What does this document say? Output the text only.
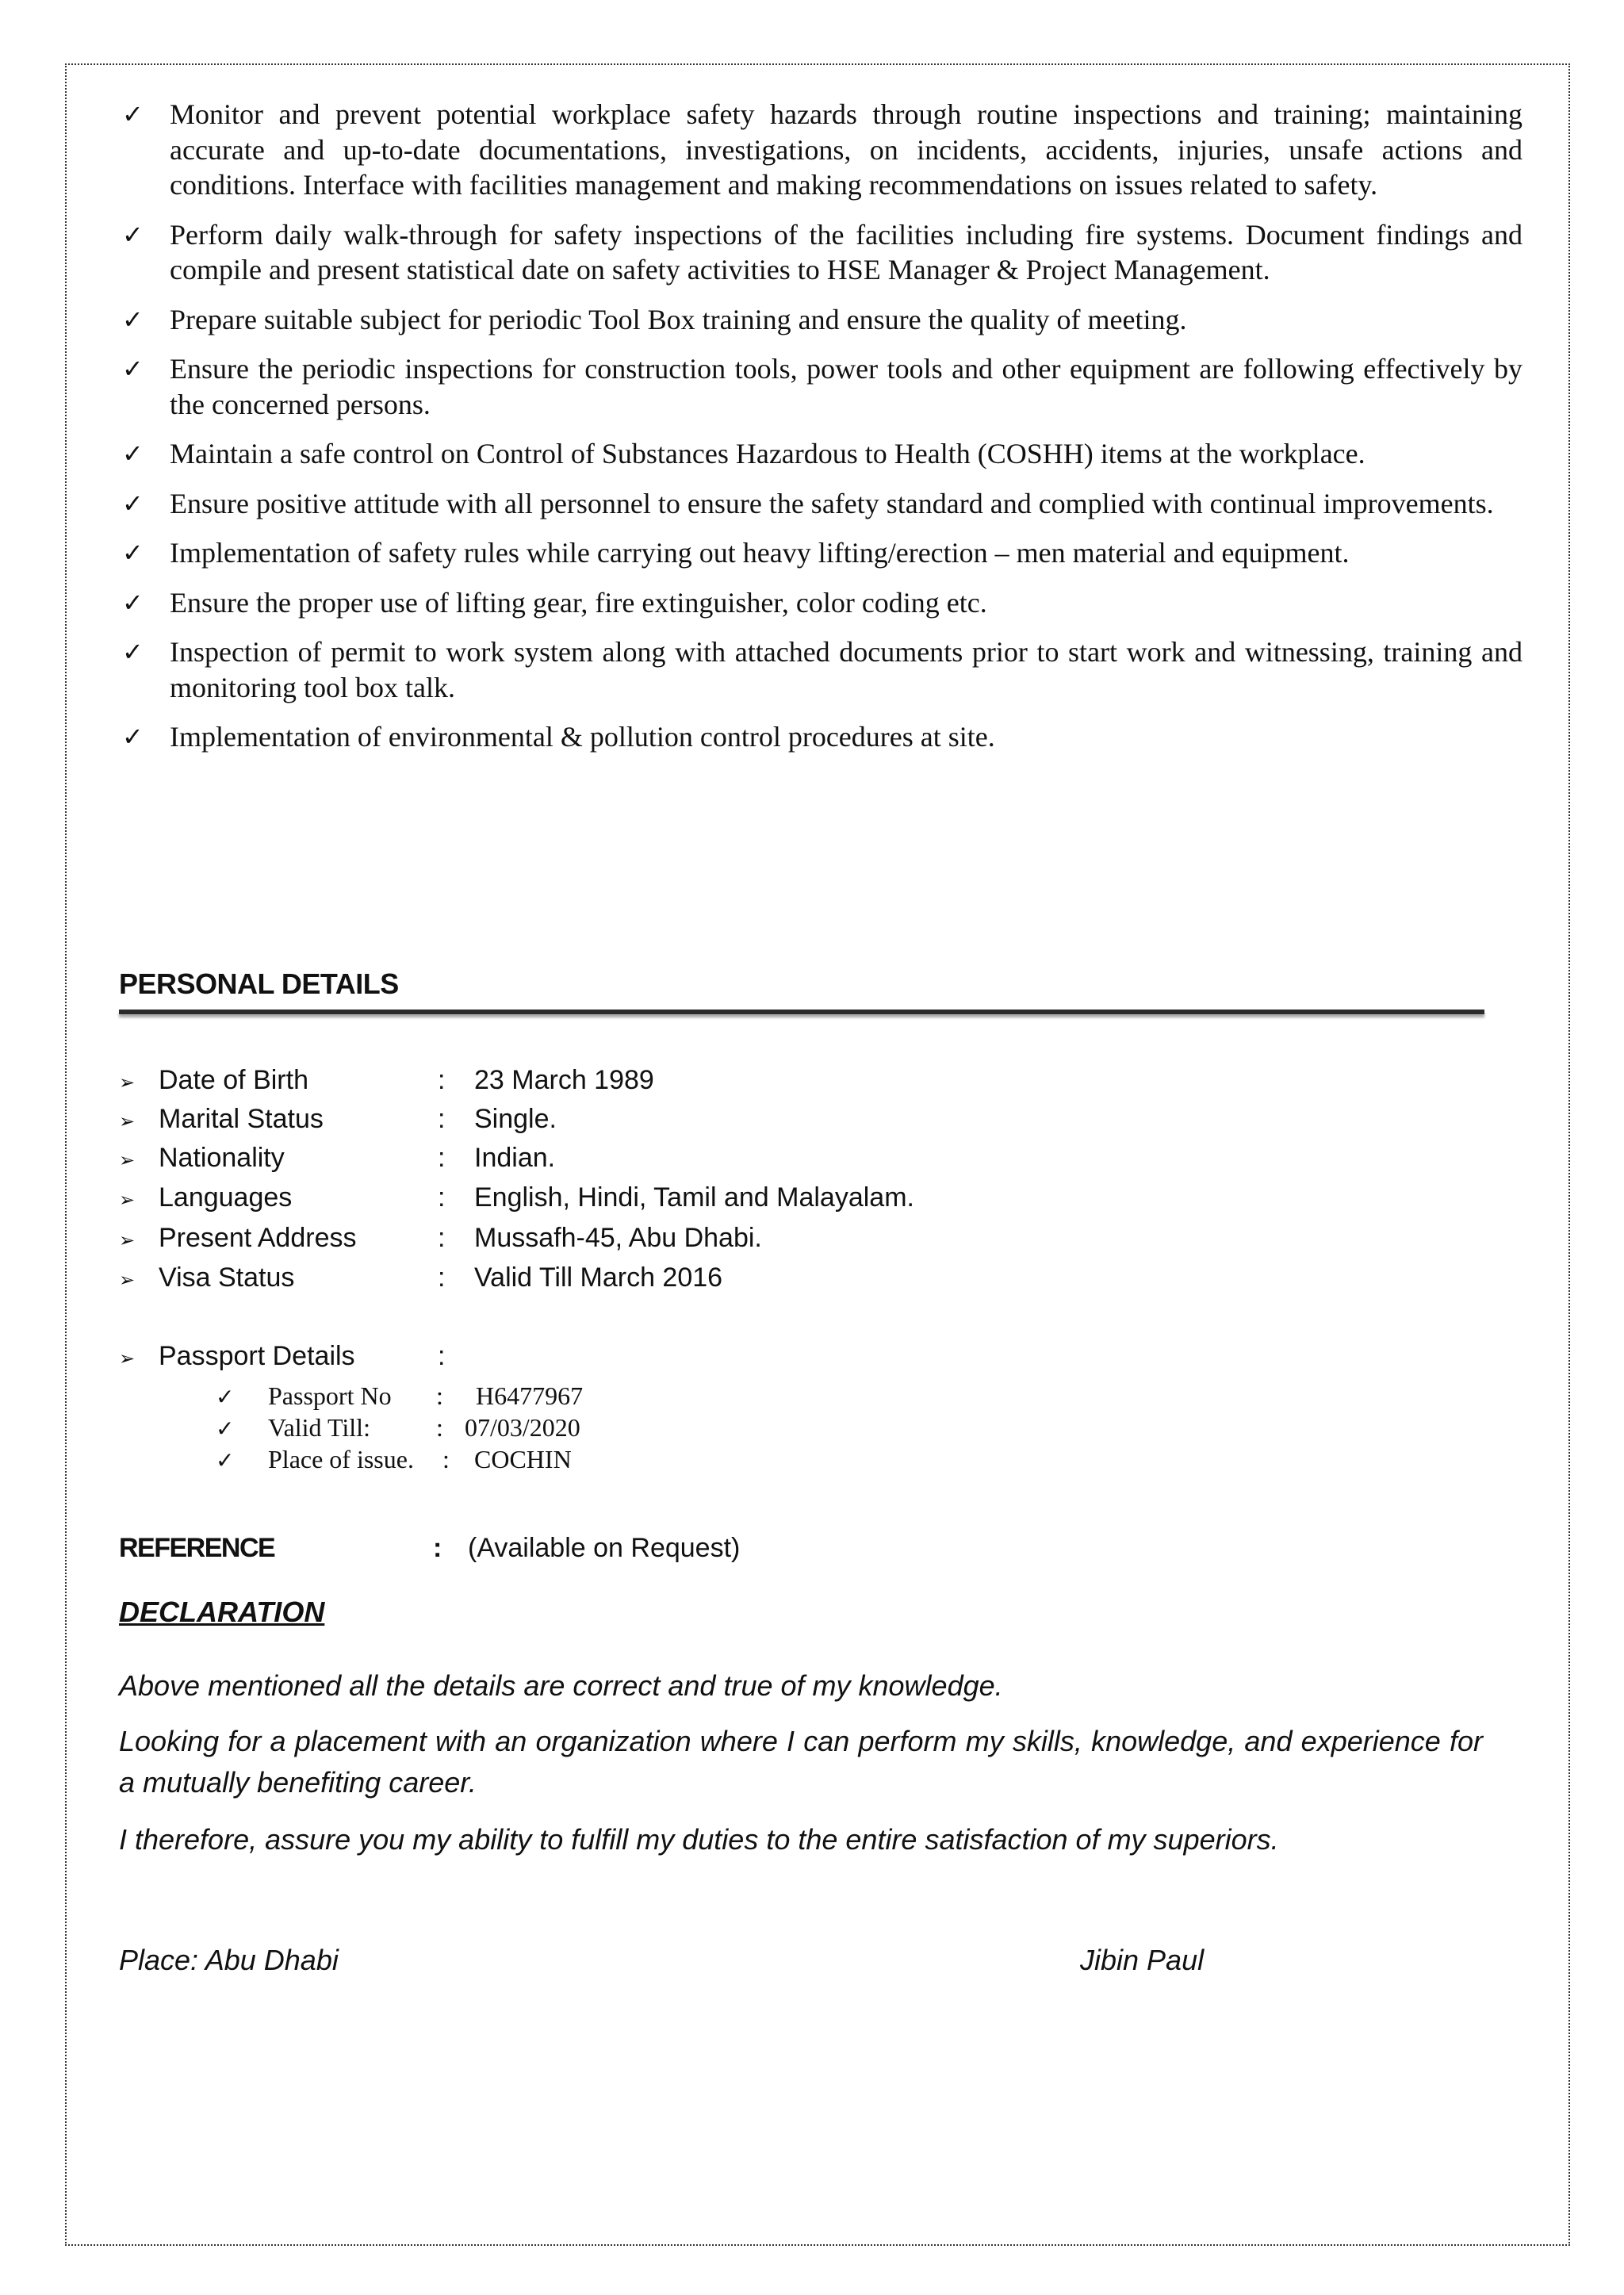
✓ Monitor and prevent potential workplace safety hazards through routine inspections and training; maintaining accurate and up-to-date documentations, investigations, on incidents, accidents, injuries, unsafe actions and conditions. Interface with facilities management and making recommendations on issues related to safety.
✓ Perform daily walk-through for safety inspections of the facilities including fire systems. Document findings and compile and present statistical date on safety activities to HSE Manager & Project Management.
✓ Prepare suitable subject for periodic Tool Box training and ensure the quality of meeting.
✓ Ensure the periodic inspections for construction tools, power tools and other equipment are following effectively by the concerned persons.
✓ Maintain a safe control on Control of Substances Hazardous to Health (COSHH) items at the workplace.
✓ Ensure positive attitude with all personnel to ensure the safety standard and complied with continual improvements.
✓ Implementation of safety rules while carrying out heavy lifting/erection – men material and equipment.
✓ Ensure the proper use of lifting gear, fire extinguisher, color coding etc.
✓ Inspection of permit to work system along with attached documents prior to start work and witnessing, training and monitoring tool box talk.
✓ Implementation of environmental & pollution control procedures at site.
PERSONAL DETAILS
➢ Date of Birth	: 23 March 1989
➢ Marital Status	: Single.
➢ Nationality	: Indian.
➢ Languages	: English, Hindi, Tamil and Malayalam.
➢ Present Address	: Mussafh-45, Abu Dhabi.
➢ Visa Status	: Valid Till March 2016
➢ Passport Details	:
✓ Passport No : H6477967
✓ Valid Till:	: 07/03/2020
✓ Place of issue. : COCHIN
REFERENCE	: (Available on Request)
DECLARATION

Above mentioned all the details are correct and true of my knowledge.

Looking for a placement with an organization where I can perform my skills, knowledge, and experience for a mutually benefiting career.

I therefore, assure you my ability to fulfill my duties to the entire satisfaction of my superiors.

Place: Abu Dhabi	Jibin Paul
